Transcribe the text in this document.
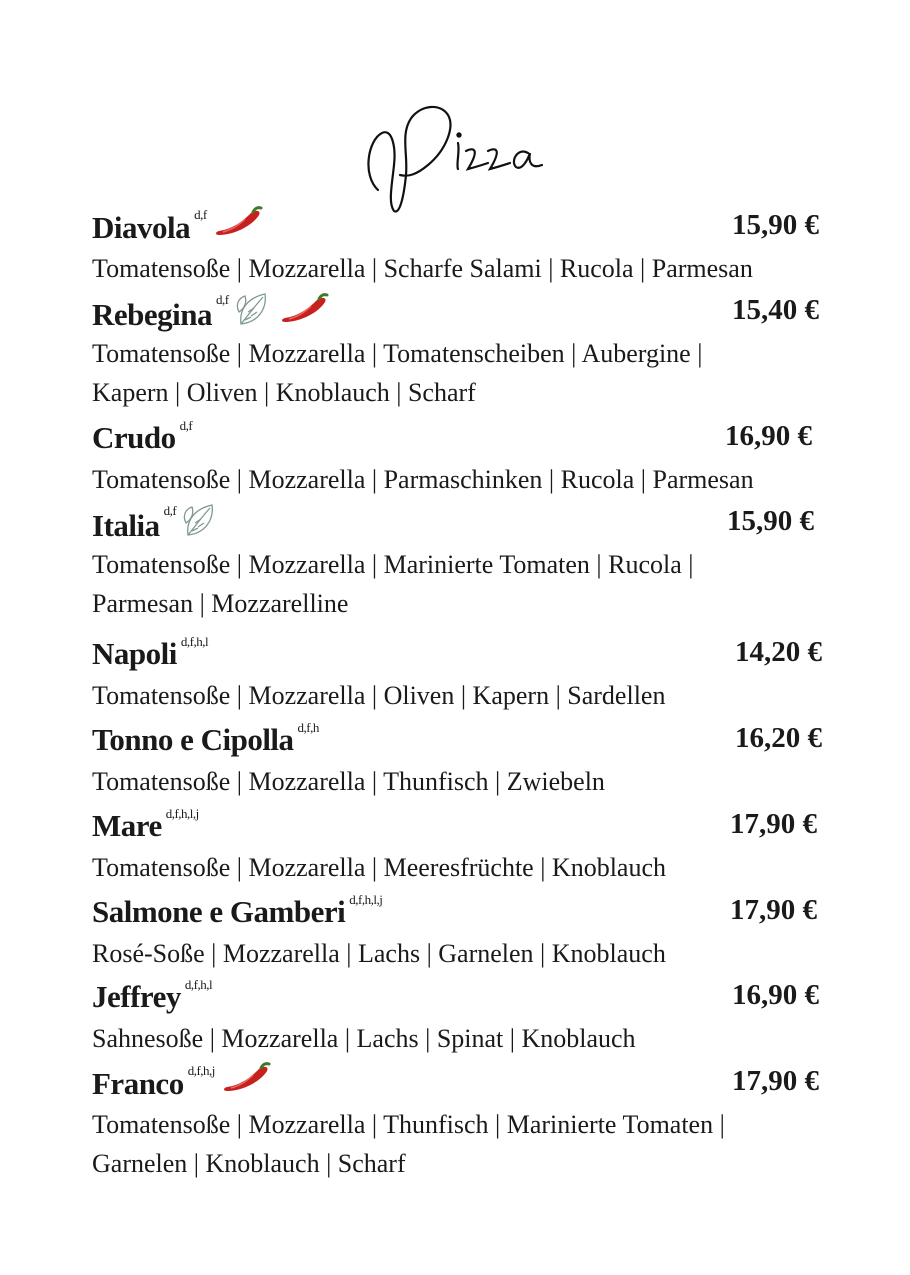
Diavola $^{d,f}$	15,90 €

Tomatensoße | Mozzarella | Scharfe Salami | Rucola | Parmesan

Rebegina $^{d,f}$	15,40 €

Tomatensoße | Mozzarella | Tomatenscheiben | Aubergine | Kapern | Oliven | Knoblauch | Scharf

Crudo $^{d,f}$	16,90 €

Tomatensoße | Mozzarella | Parmaschinken | Rucola | Parmesan

Italia $^{d,f}$	15,90 €

Tomatensoße | Mozzarella | Marinierte Tomaten | Rucola | Parmesan | Mozzarelline

Napoli $^{d,f,h,l}$	14,20 €

Tomatensoße | Mozzarella | Oliven | Kapern | Sardellen

Tonno e Cipolla $^{d,f,h}$	16,20 €

Tomatensoße | Mozzarella | Thunfisch | Zwiebeln

Mare $^{d,f,h,l,j}$	17,90 €

Tomatensoße | Mozzarella | Meeresfrüchte | Knoblauch

Salmone e Gamberi $^{d,f,h,l,j}$	17,90 €

Rosé-Soße | Mozzarella | Lachs | Garnelen | Knoblauch

Jeffrey $^{d,f,h,l}$	16,90 €

Sahnesoße | Mozzarella | Lachs | Spinat | Knoblauch

Franco $^{d,f,h,j}$	17,90 €

Tomatensoße | Mozzarella | Thunfisch | Marinierte Tomaten | Garnelen | Knoblauch | Scharf
